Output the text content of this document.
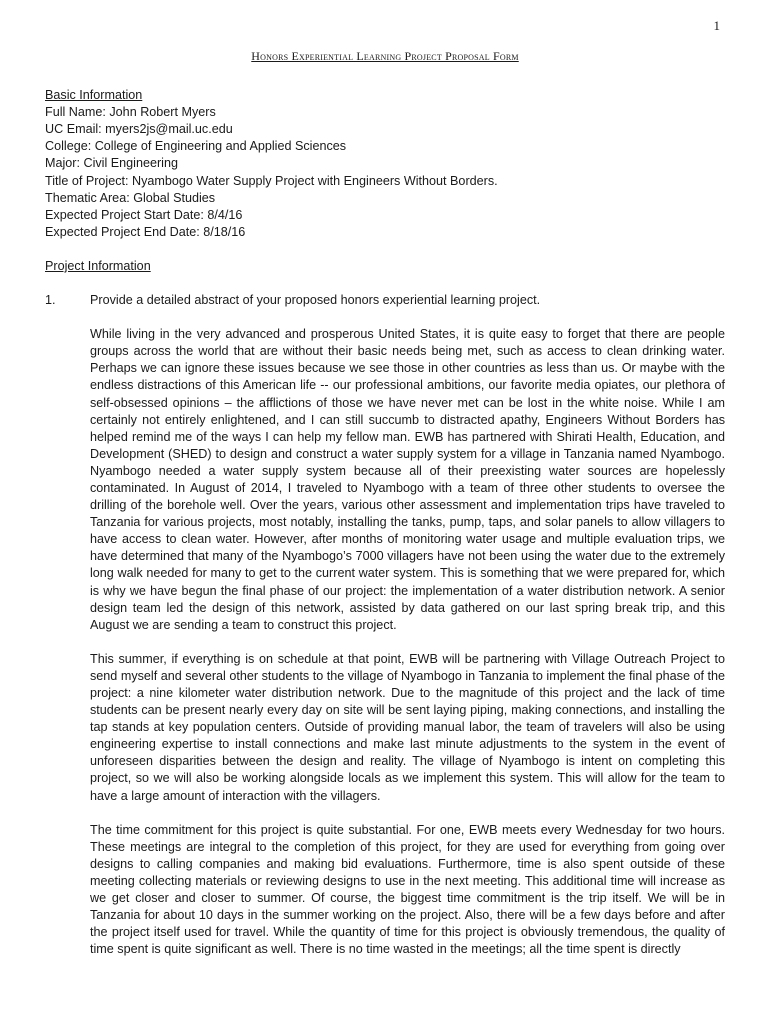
1
Honors Experiential Learning Project Proposal Form
Basic Information
Full Name: John Robert Myers
UC Email: myers2js@mail.uc.edu
College: College of Engineering and Applied Sciences
Major: Civil Engineering
Title of Project: Nyambogo Water Supply Project with Engineers Without Borders.
Thematic Area: Global Studies
Expected Project Start Date: 8/4/16
Expected Project End Date: 8/18/16
Project Information
1.	Provide a detailed abstract of your proposed honors experiential learning project.

While living in the very advanced and prosperous United States, it is quite easy to forget that there are people groups across the world that are without their basic needs being met, such as access to clean drinking water. Perhaps we can ignore these issues because we see those in other countries as less than us. Or maybe with the endless distractions of this American life -- our professional ambitions, our favorite media opiates, our plethora of self-obsessed opinions – the afflictions of those we have never met can be lost in the white noise. While I am certainly not entirely enlightened, and I can still succumb to distracted apathy, Engineers Without Borders has helped remind me of the ways I can help my fellow man. EWB has partnered with Shirati Health, Education, and Development (SHED) to design and construct a water supply system for a village in Tanzania named Nyambogo. Nyambogo needed a water supply system because all of their preexisting water sources are hopelessly contaminated. In August of 2014, I traveled to Nyambogo with a team of three other students to oversee the drilling of the borehole well. Over the years, various other assessment and implementation trips have traveled to Tanzania for various projects, most notably, installing the tanks, pump, taps, and solar panels to allow villagers to have access to clean water. However, after months of monitoring water usage and multiple evaluation trips, we have determined that many of the Nyambogo’s 7000 villagers have not been using the water due to the extremely long walk needed for many to get to the current water system. This is something that we were prepared for, which is why we have begun the final phase of our project: the implementation of a water distribution network. A senior design team led the design of this network, assisted by data gathered on our last spring break trip, and this August we are sending a team to construct this project.

This summer, if everything is on schedule at that point, EWB will be partnering with Village Outreach Project to send myself and several other students to the village of Nyambogo in Tanzania to implement the final phase of the project: a nine kilometer water distribution network. Due to the magnitude of this project and the lack of time students can be present nearly every day on site will be sent laying piping, making connections, and installing the tap stands at key population centers. Outside of providing manual labor, the team of travelers will also be using engineering expertise to install connections and make last minute adjustments to the system in the event of unforeseen disparities between the design and reality. The village of Nyambogo is intent on completing this project, so we will also be working alongside locals as we implement this system. This will allow for the team to have a large amount of interaction with the villagers.

The time commitment for this project is quite substantial. For one, EWB meets every Wednesday for two hours. These meetings are integral to the completion of this project, for they are used for everything from going over designs to calling companies and making bid evaluations. Furthermore, time is also spent outside of these meeting collecting materials or reviewing designs to use in the next meeting. This additional time will increase as we get closer and closer to summer. Of course, the biggest time commitment is the trip itself. We will be in Tanzania for about 10 days in the summer working on the project. Also, there will be a few days before and after the project itself used for travel. While the quantity of time for this project is obviously tremendous, the quality of time spent is quite significant as well. There is no time wasted in the meetings; all the time spent is directly
